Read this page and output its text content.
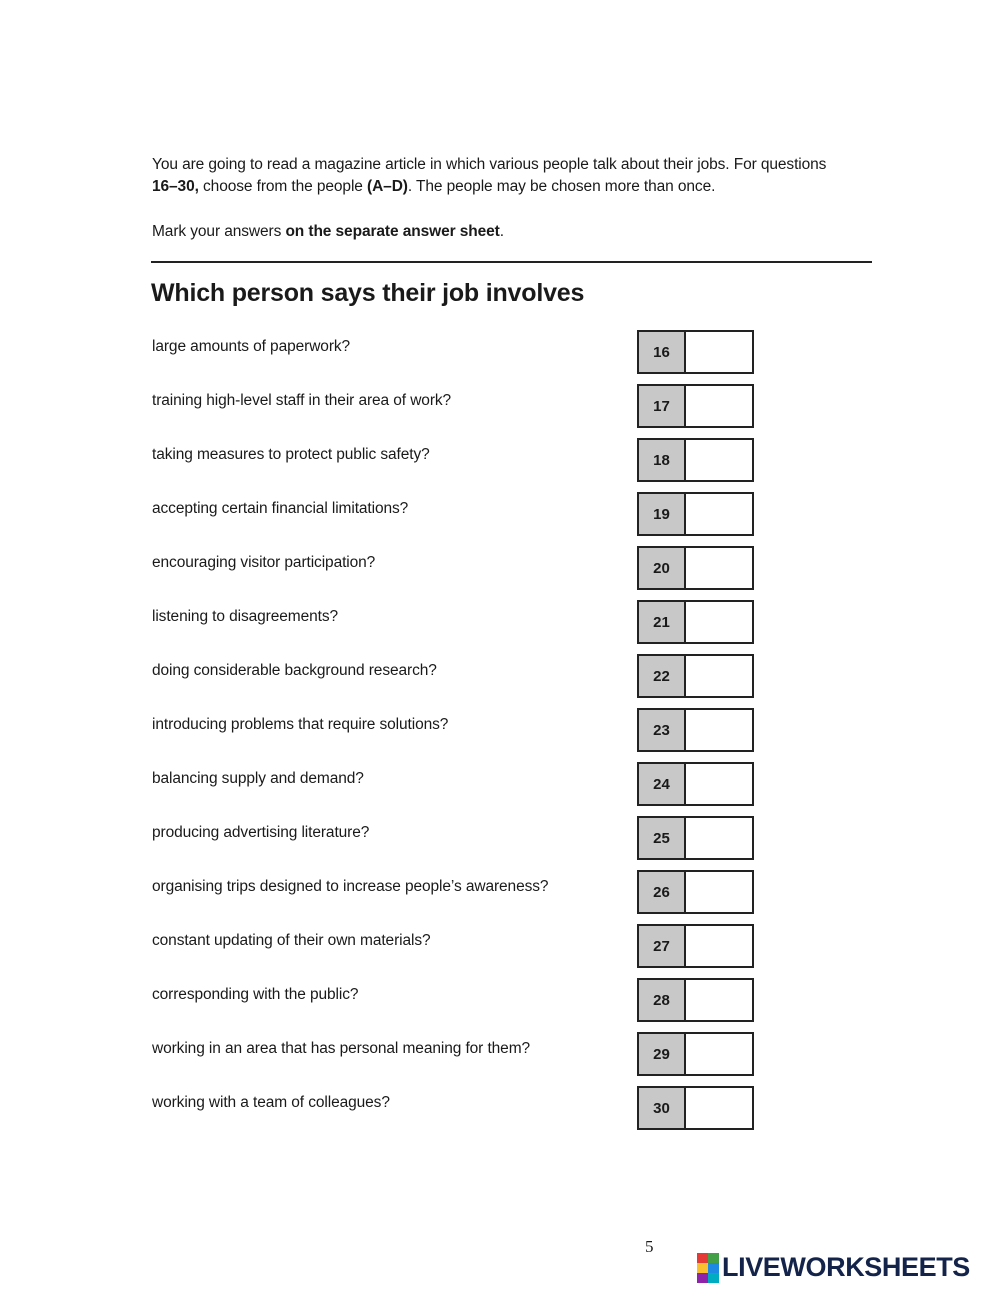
You are going to read a magazine article in which various people talk about their jobs. For questions
16–30, choose from the people (A–D). The people may be chosen more than once.

Mark your answers on the separate answer sheet.

Which person says their job involves
large amounts of paperwork?	16
training high-level staff in their area of work?	17
taking measures to protect public safety?	18
accepting certain financial limitations?	19
encouraging visitor participation?	20
listening to disagreements?	21
doing considerable background research?	22
introducing problems that require solutions?	23
balancing supply and demand?	24
producing advertising literature?	25
organising trips designed to increase people’s awareness?	26
constant updating of their own materials?	27
corresponding with the public?	28
working in an area that has personal meaning for them?	29
working with a team of colleagues?	30
5
LIVEWORKSHEETS
